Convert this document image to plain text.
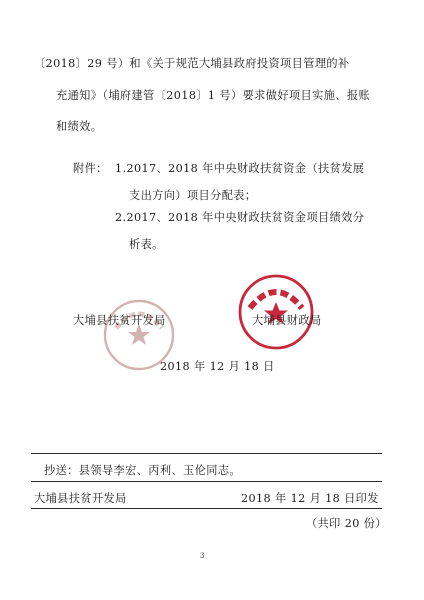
〔2018〕29 号）和《关于规范大埔县政府投资项目管理的补
充通知》（埔府建管〔2018〕1 号）要求做好项目实施、报账
和绩效。
附件： 1.2017、2018 年中央财政扶贫资金（扶贫发展
支出方向）项目分配表；
2.2017、2018 年中央财政扶贫资金项目绩效分
析表。
大埔县扶贫开发局	大埔县财政局
2018 年 12 月 18 日
抄送：县领导李宏、丙利、玉伦同志。
大埔县扶贫开发局	2018 年 12 月 18 日印发
（共印 20 份）
3
